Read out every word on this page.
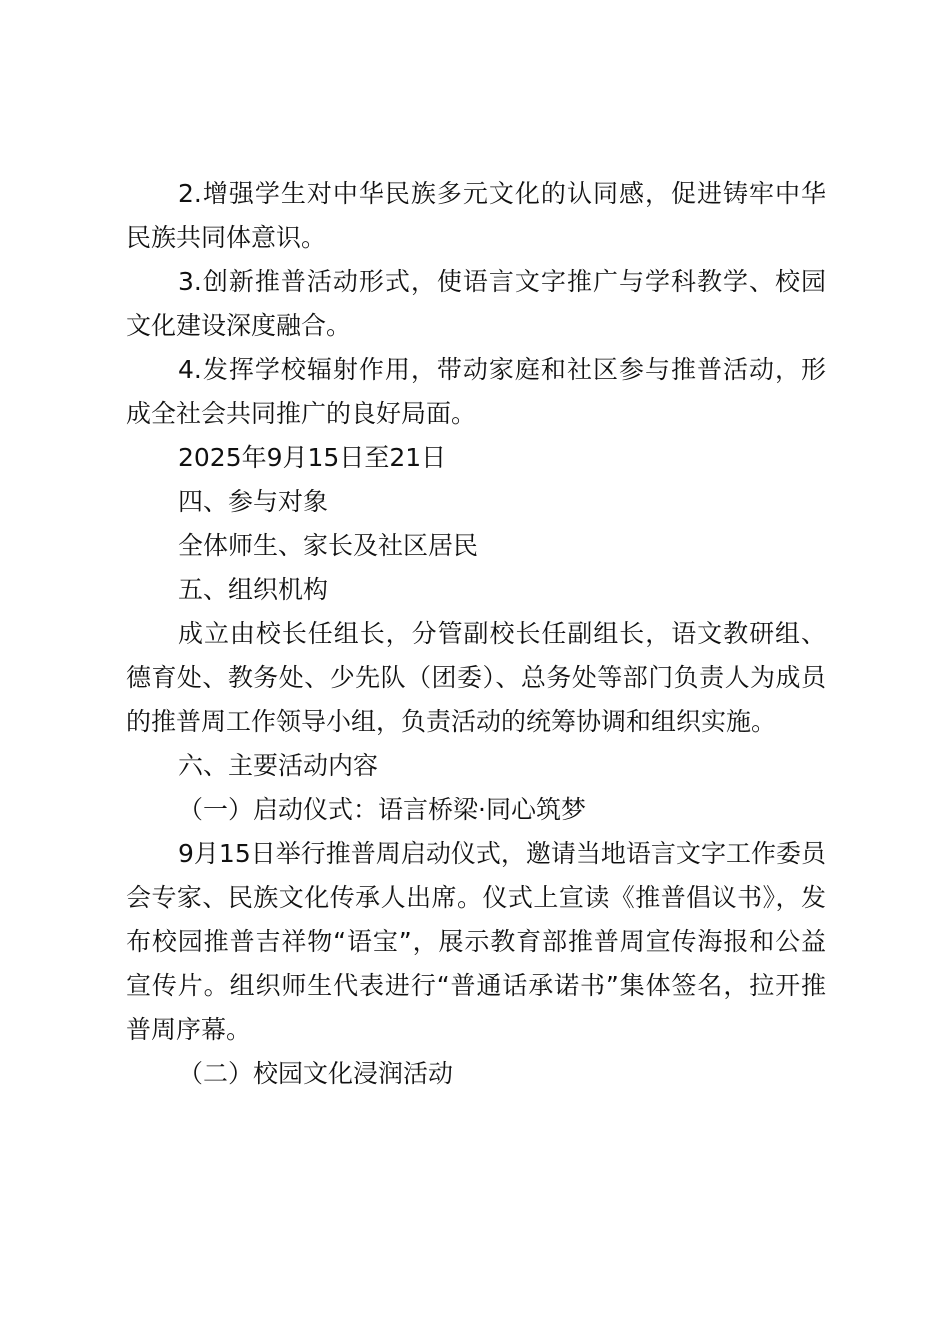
2.增强学生对中华民族多元文化的认同感，促进铸牢中华民族共同体意识。

3.创新推普活动形式，使语言文字推广与学科教学、校园文化建设深度融合。

4.发挥学校辐射作用，带动家庭和社区参与推普活动，形成全社会共同推广的良好局面。

2025年9月15日至21日

四、参与对象

全体师生、家长及社区居民

五、组织机构

成立由校长任组长，分管副校长任副组长，语文教研组、德育处、教务处、少先队（团委）、总务处等部门负责人为成员的推普周工作领导小组，负责活动的统筹协调和组织实施。

六、主要活动内容

（一）启动仪式：语言桥梁·同心筑梦

9月15日举行推普周启动仪式，邀请当地语言文字工作委员会专家、民族文化传承人出席。仪式上宣读《推普倡议书》，发布校园推普吉祥物“语宝”，展示教育部推普周宣传海报和公益宣传片。组织师生代表进行“普通话承诺书”集体签名，拉开推普周序幕。

（二）校园文化浸润活动
